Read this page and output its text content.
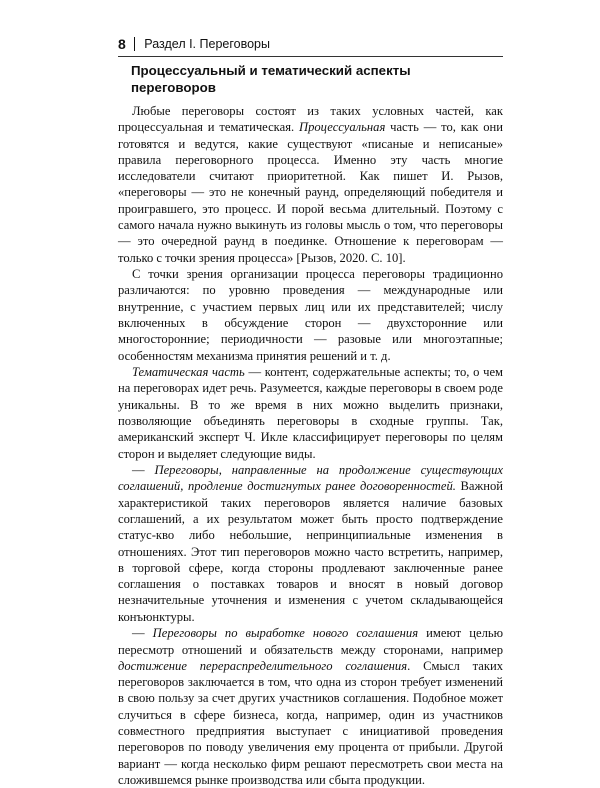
8 Раздел I. Переговоры
Процессуальный и тематический аспекты
переговоров

Любые переговоры состоят из таких условных частей, как процессуальная и тематическая. Процессуальная часть — то, как они готовятся и ведутся, какие существуют «писаные и неписаные» правила переговорного процесса. Именно эту часть многие исследователи считают приоритетной. Как пишет И. Рызов, «переговоры — это не конечный раунд, определяющий победителя и проигравшего, это процесс. И порой весьма длительный. Поэтому с самого начала нужно выкинуть из головы мысль о том, что переговоры — это очередной раунд в поединке. Отношение к переговорам — только с точки зрения процесса» [Рызов, 2020. С. 10].

С точки зрения организации процесса переговоры традиционно различаются: по уровню проведения — международные или внутренние, с участием первых лиц или их представителей; числу включенных в обсуждение сторон — двухсторонние или многосторонние; периодичности — разовые или многоэтапные; особенностям механизма принятия решений и т. д.

Тематическая часть — контент, содержательные аспекты; то, о чем на переговорах идет речь. Разумеется, каждые переговоры в своем роде уникальны. В то же время в них можно выделить признаки, позволяющие объединять переговоры в сходные группы. Так, американский эксперт Ч. Икле классифицирует переговоры по целям сторон и выделяет следующие виды.

— Переговоры, направленные на продолжение существующих соглашений, продление достигнутых ранее договоренностей. Важной характеристикой таких переговоров является наличие базовых соглашений, а их результатом может быть просто подтверждение статус-кво либо небольшие, непринципиальные изменения в отношениях. Этот тип переговоров можно часто встретить, например, в торговой сфере, когда стороны продлевают заключенные ранее соглашения о поставках товаров и вносят в новый договор незначительные уточнения и изменения с учетом складывающейся конъюнктуры.

— Переговоры по выработке нового соглашения имеют целью пересмотр отношений и обязательств между сторонами, например достижение перераспределительного соглашения. Смысл таких переговоров заключается в том, что одна из сторон требует изменений в свою пользу за счет других участников соглашения. Подобное может случиться в сфере бизнеса, когда, например, один из участников совместного предприятия выступает с инициативой проведения переговоров по поводу увеличения ему процента от прибыли. Другой вариант — когда несколько фирм решают пересмотреть свои места на сложившемся рынке производства или сбыта продукции.
